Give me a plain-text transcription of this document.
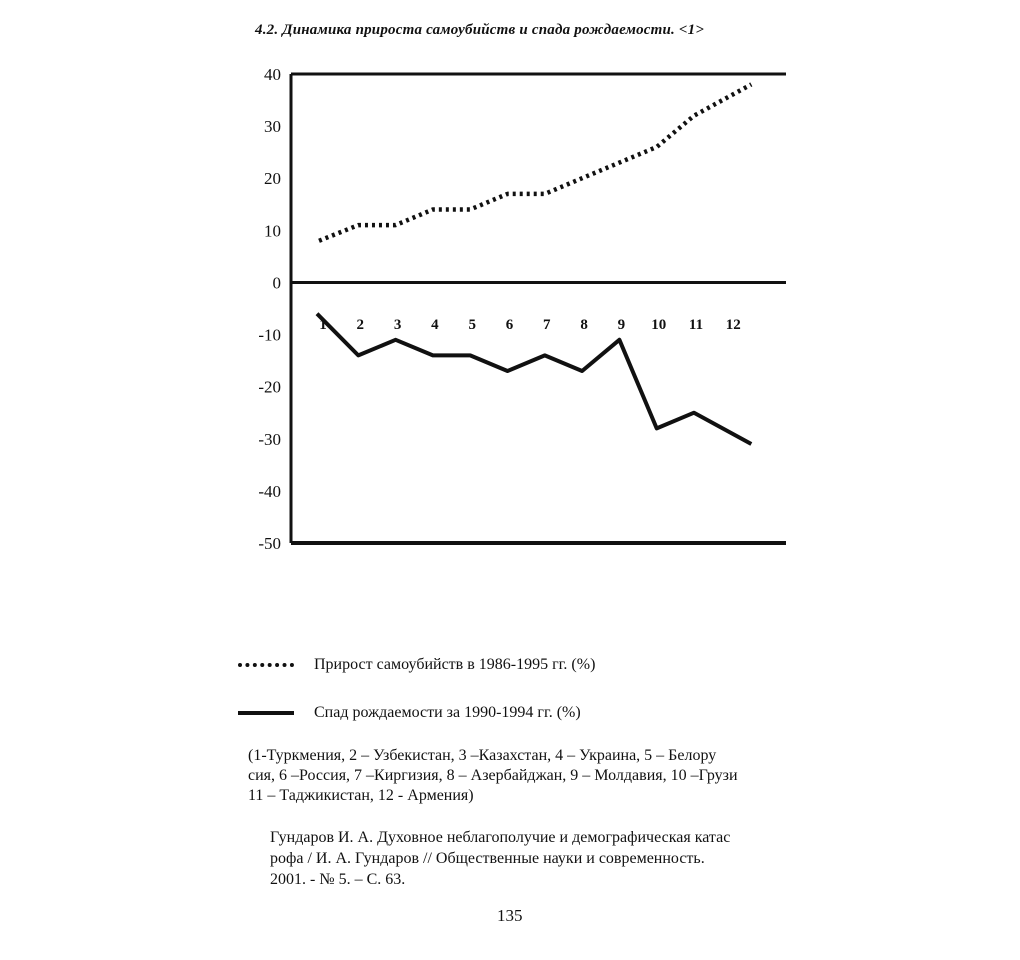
4.2. Динамика прироста самоубийств и спада рождаемости. <1>
40
30
20
10
0
-10
-20
-30
-40
-50
1 2 3 4 5 6 7 8 9 10 11 12
Прирост самоубийств в 1986-1995 гг. (%)
Спад рождаемости за 1990-1994 гг. (%)
(1-Туркмения, 2 – Узбекистан, 3 –Казахстан, 4 – Украина, 5 – Белору
сия, 6 –Россия, 7 –Киргизия, 8 – Азербайджан, 9 – Молдавия, 10 –Грузи
11 – Таджикистан, 12 - Армения)
Гундаров И. А. Духовное неблагополучие и демографическая катас
рофа / И. А. Гундаров // Общественные науки и современность.
2001. - № 5. – С. 63.
135
